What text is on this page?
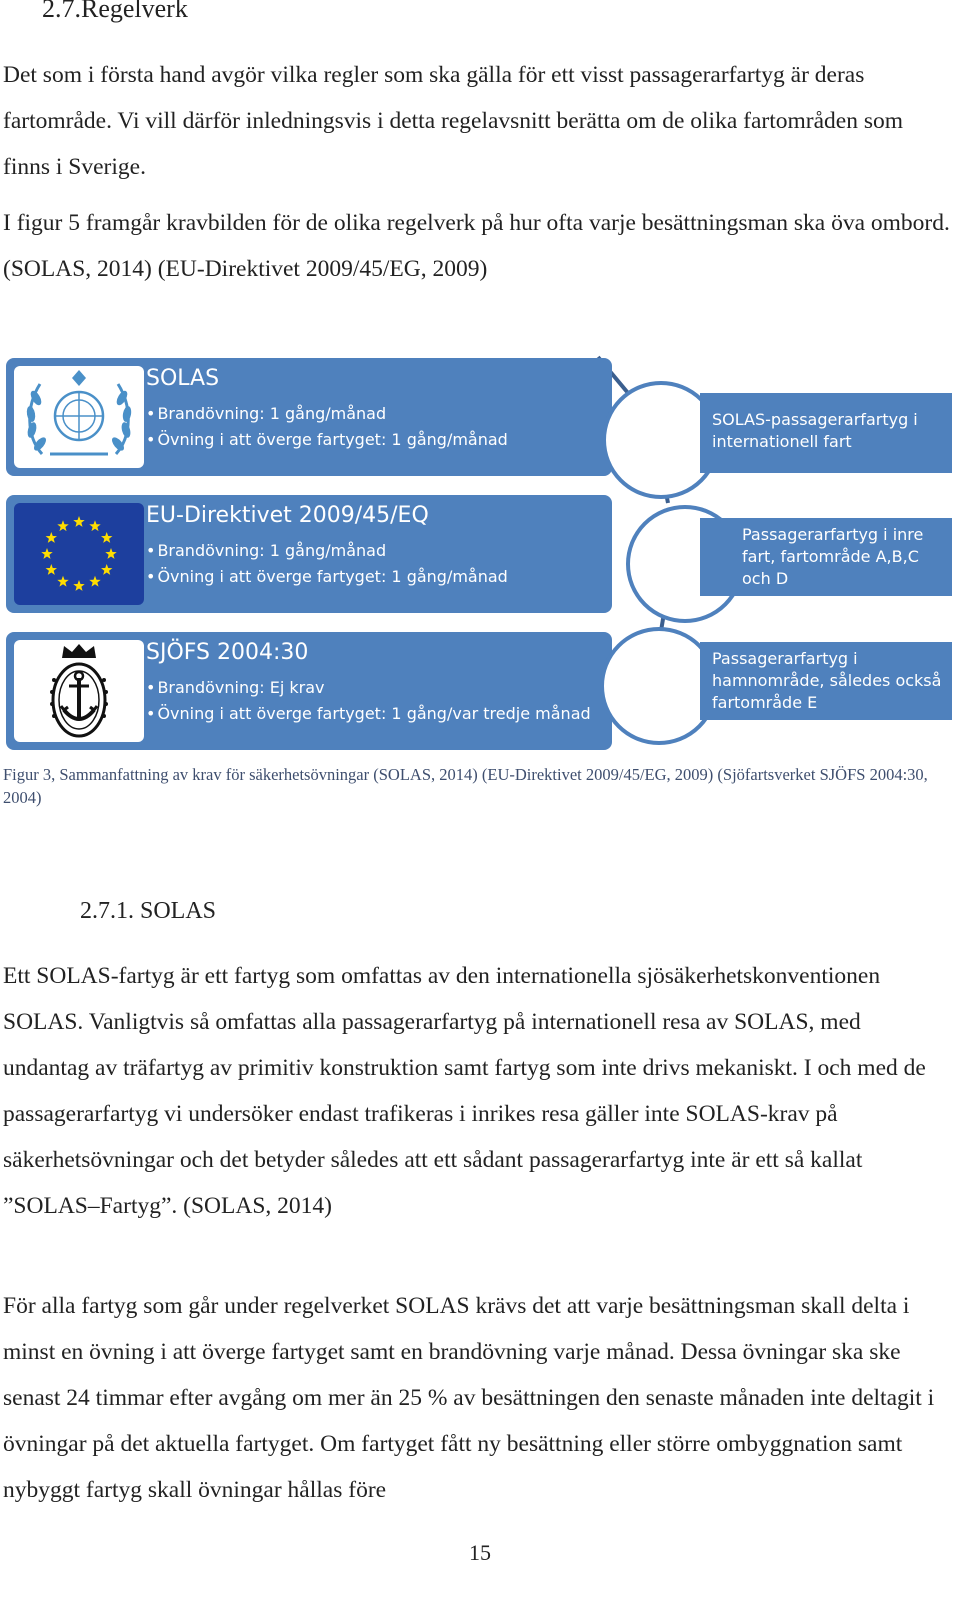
2.7.Regelverk

Det som i första hand avgör vilka regler som ska gälla för ett visst passagerarfartyg är deras fartområde. Vi vill därför inledningsvis i detta regelavsnitt berätta om de olika fartområden som finns i Sverige.

I figur 5 framgår kravbilden för de olika regelverk på hur ofta varje besättningsman ska öva ombord. (SOLAS, 2014) (EU-Direktivet 2009/45/EG, 2009)

SOLAS
• Brandövning: 1 gång/månad
• Övning i att överge fartyget: 1 gång/månad
SOLAS-passagerarfartyg i internationell fart
EU-Direktivet 2009/45/EQ
• Brandövning: 1 gång/månad
• Övning i att överge fartyget: 1 gång/månad
Passagerarfartyg i inre fart, fartområde A,B,C och D
SJÖFS 2004:30
• Brandövning: Ej krav
• Övning i att överge fartyget: 1 gång/var tredje månad
Passagerarfartyg i hamnområde, således också fartområde E

Figur 3, Sammanfattning av krav för säkerhetsövningar (SOLAS, 2014) (EU-Direktivet 2009/45/EG, 2009) (Sjöfartsverket SJÖFS 2004:30, 2004)

2.7.1. SOLAS

Ett SOLAS-fartyg är ett fartyg som omfattas av den internationella sjösäkerhetskonventionen SOLAS. Vanligtvis så omfattas alla passagerarfartyg på internationell resa av SOLAS, med undantag av träfartyg av primitiv konstruktion samt fartyg som inte drivs mekaniskt. I och med de passagerarfartyg vi undersöker endast trafikeras i inrikes resa gäller inte SOLAS-krav på säkerhetsövningar och det betyder således att ett sådant passagerarfartyg inte är ett så kallat ”SOLAS–Fartyg”. (SOLAS, 2014)

För alla fartyg som går under regelverket SOLAS krävs det att varje besättningsman skall delta i minst en övning i att överge fartyget samt en brandövning varje månad. Dessa övningar ska ske senast 24 timmar efter avgång om mer än 25 % av besättningen den senaste månaden inte deltagit i övningar på det aktuella fartyget. Om fartyget fått ny besättning eller större ombyggnation samt nybyggt fartyg skall övningar hållas före

15
